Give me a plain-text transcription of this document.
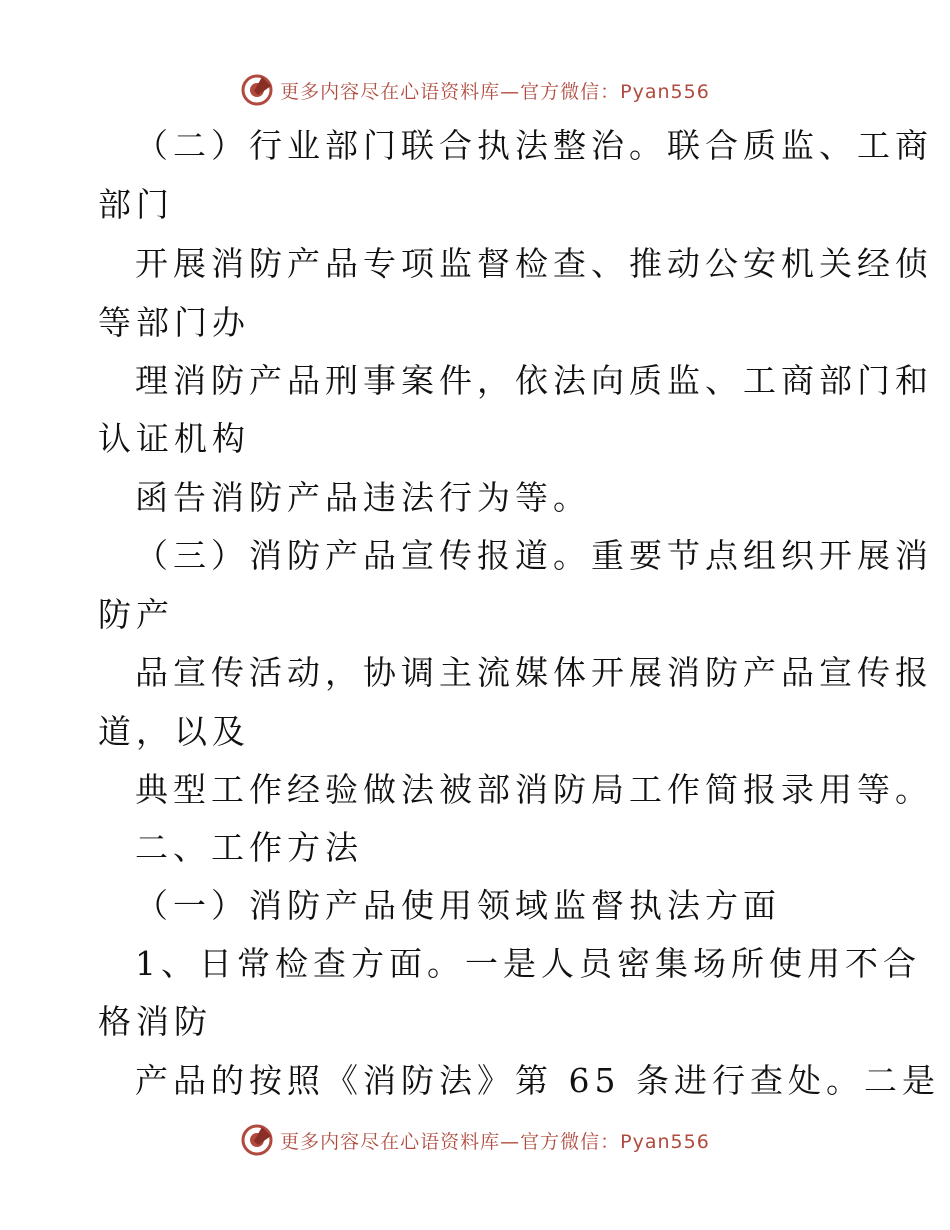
更多内容尽在心语资料库—官方微信：Pyan556
（二）行业部门联合执法整治。联合质监、工商
部门
开展消防产品专项监督检查、推动公安机关经侦
等部门办
理消防产品刑事案件，依法向质监、工商部门和
认证机构
函告消防产品违法行为等。
（三）消防产品宣传报道。重要节点组织开展消
防产
品宣传活动，协调主流媒体开展消防产品宣传报
道，以及
典型工作经验做法被部消防局工作简报录用等。
二、工作方法
（一）消防产品使用领域监督执法方面
1、日常检查方面。一是人员密集场所使用不合
格消防
产品的按照《消防法》第 65 条进行查处。二是
更多内容尽在心语资料库—官方微信：Pyan556
